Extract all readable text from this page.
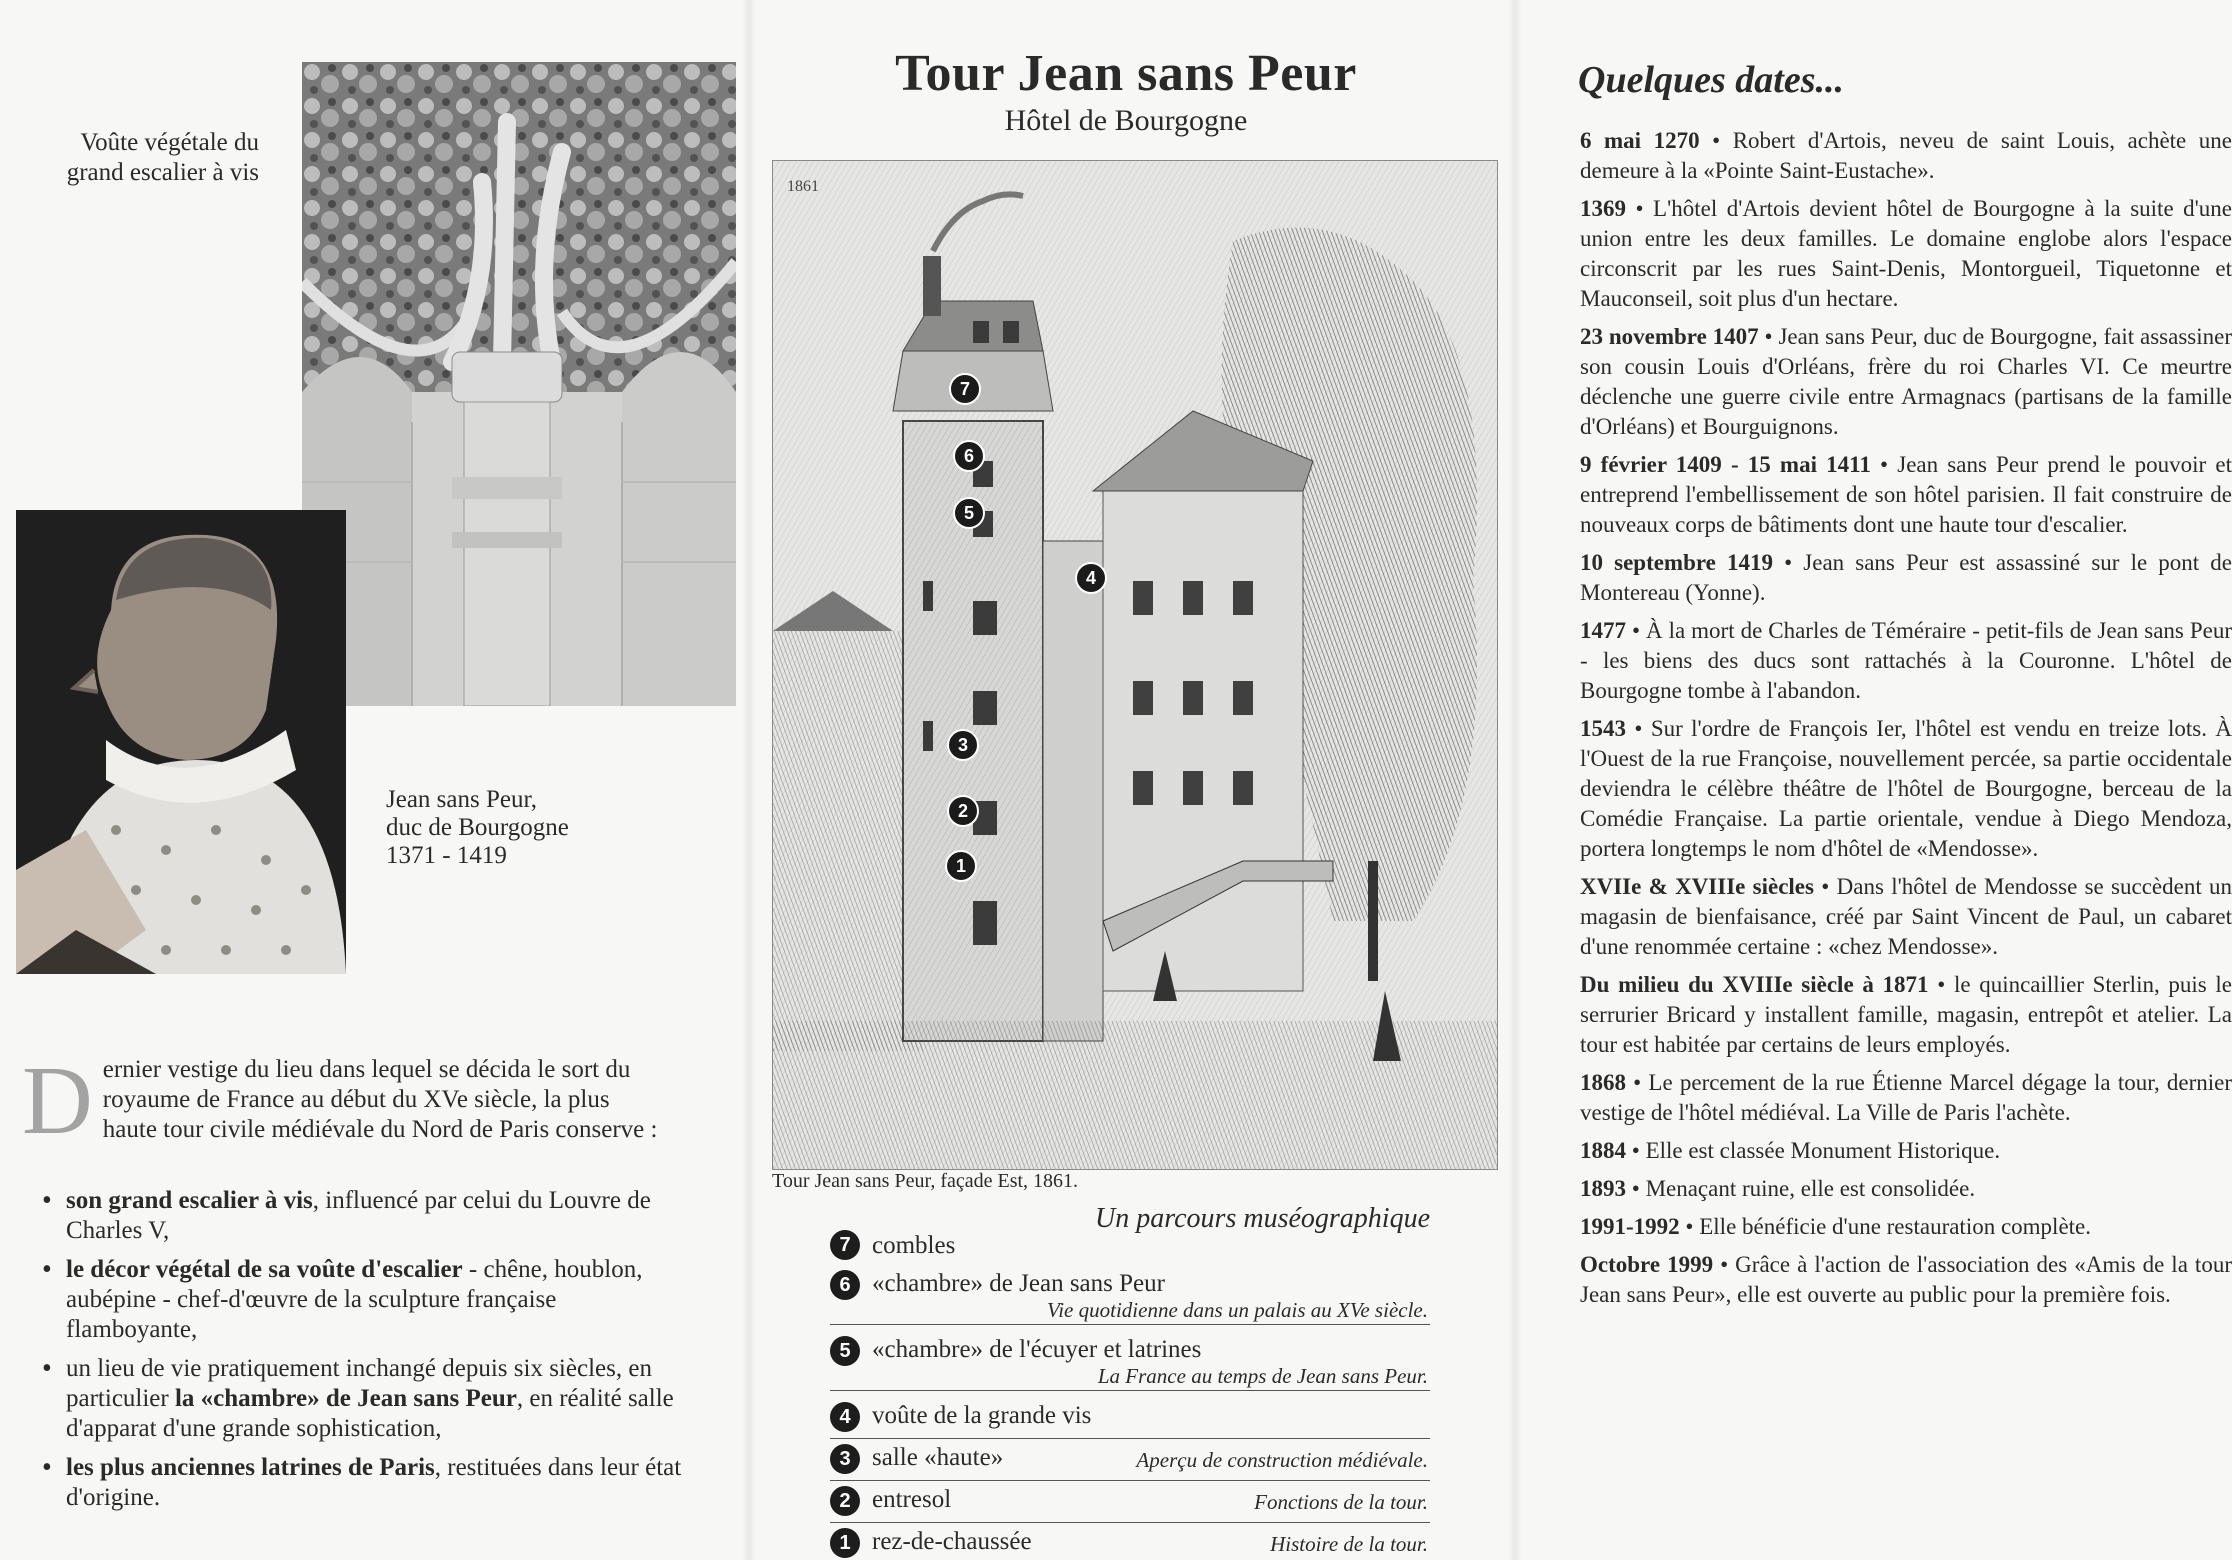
Voûte végétale du
grand escalier à vis
Jean sans Peur,
duc de Bourgogne
1371 - 1419
D ernier vestige du lieu dans lequel se décida le sort du royaume de France au début du XVe siècle, la plus haute tour civile médiévale du Nord de Paris conserve :
• son grand escalier à vis, influencé par celui du Louvre de Charles V,
• le décor végétal de sa voûte d'escalier - chêne, houblon, aubépine - chef-d'œuvre de la sculpture française flamboyante,
• un lieu de vie pratiquement inchangé depuis six siècles, en particulier la «chambre» de Jean sans Peur, en réalité salle d'apparat d'une grande sophistication,
• les plus anciennes latrines de Paris, restituées dans leur état d'origine.
Tour Jean sans Peur
Hôtel de Bourgogne
1861
1
2
3
4
5
6
7
Tour Jean sans Peur, façade Est, 1861.
Un parcours muséographique
7 combles
6 «chambre» de Jean sans Peur
Vie quotidienne dans un palais au XVe siècle.
5 «chambre» de l'écuyer et latrines
La France au temps de Jean sans Peur.
4 voûte de la grande vis
3 salle «haute»	Aperçu de construction médiévale.
2 entresol	Fonctions de la tour.
1 rez-de-chaussée	Histoire de la tour.
Quelques dates...
6 mai 1270 • Robert d'Artois, neveu de saint Louis, achète une demeure à la «Pointe Saint-Eustache».
1369 • L'hôtel d'Artois devient hôtel de Bourgogne à la suite d'une union entre les deux familles. Le domaine englobe alors l'espace circonscrit par les rues Saint-Denis, Montorgueil, Tiquetonne et Mauconseil, soit plus d'un hectare.
23 novembre 1407 • Jean sans Peur, duc de Bourgogne, fait assassiner son cousin Louis d'Orléans, frère du roi Charles VI. Ce meurtre déclenche une guerre civile entre Armagnacs (partisans de la famille d'Orléans) et Bourguignons.
9 février 1409 - 15 mai 1411 • Jean sans Peur prend le pouvoir et entreprend l'embellissement de son hôtel parisien. Il fait construire de nouveaux corps de bâtiments dont une haute tour d'escalier.
10 septembre 1419 • Jean sans Peur est assassiné sur le pont de Montereau (Yonne).
1477 • À la mort de Charles de Téméraire - petit-fils de Jean sans Peur - les biens des ducs sont rattachés à la Couronne. L'hôtel de Bourgogne tombe à l'abandon.
1543 • Sur l'ordre de François Ier, l'hôtel est vendu en treize lots. À l'Ouest de la rue Françoise, nouvellement percée, sa partie occidentale deviendra le célèbre théâtre de l'hôtel de Bourgogne, berceau de la Comédie Française. La partie orientale, vendue à Diego Mendoza, portera longtemps le nom d'hôtel de «Mendosse».
XVIIe & XVIIIe siècles • Dans l'hôtel de Mendosse se succèdent un magasin de bienfaisance, créé par Saint Vincent de Paul, un cabaret d'une renommée certaine : «chez Mendosse».
Du milieu du XVIIIe siècle à 1871 • le quincaillier Sterlin, puis le serrurier Bricard y installent famille, magasin, entrepôt et atelier. La tour est habitée par certains de leurs employés.
1868 • Le percement de la rue Étienne Marcel dégage la tour, dernier vestige de l'hôtel médiéval. La Ville de Paris l'achète.
1884 • Elle est classée Monument Historique.
1893 • Menaçant ruine, elle est consolidée.
1991-1992 • Elle bénéficie d'une restauration complète.
Octobre 1999 • Grâce à l'action de l'association des «Amis de la tour Jean sans Peur», elle est ouverte au public pour la première fois.
